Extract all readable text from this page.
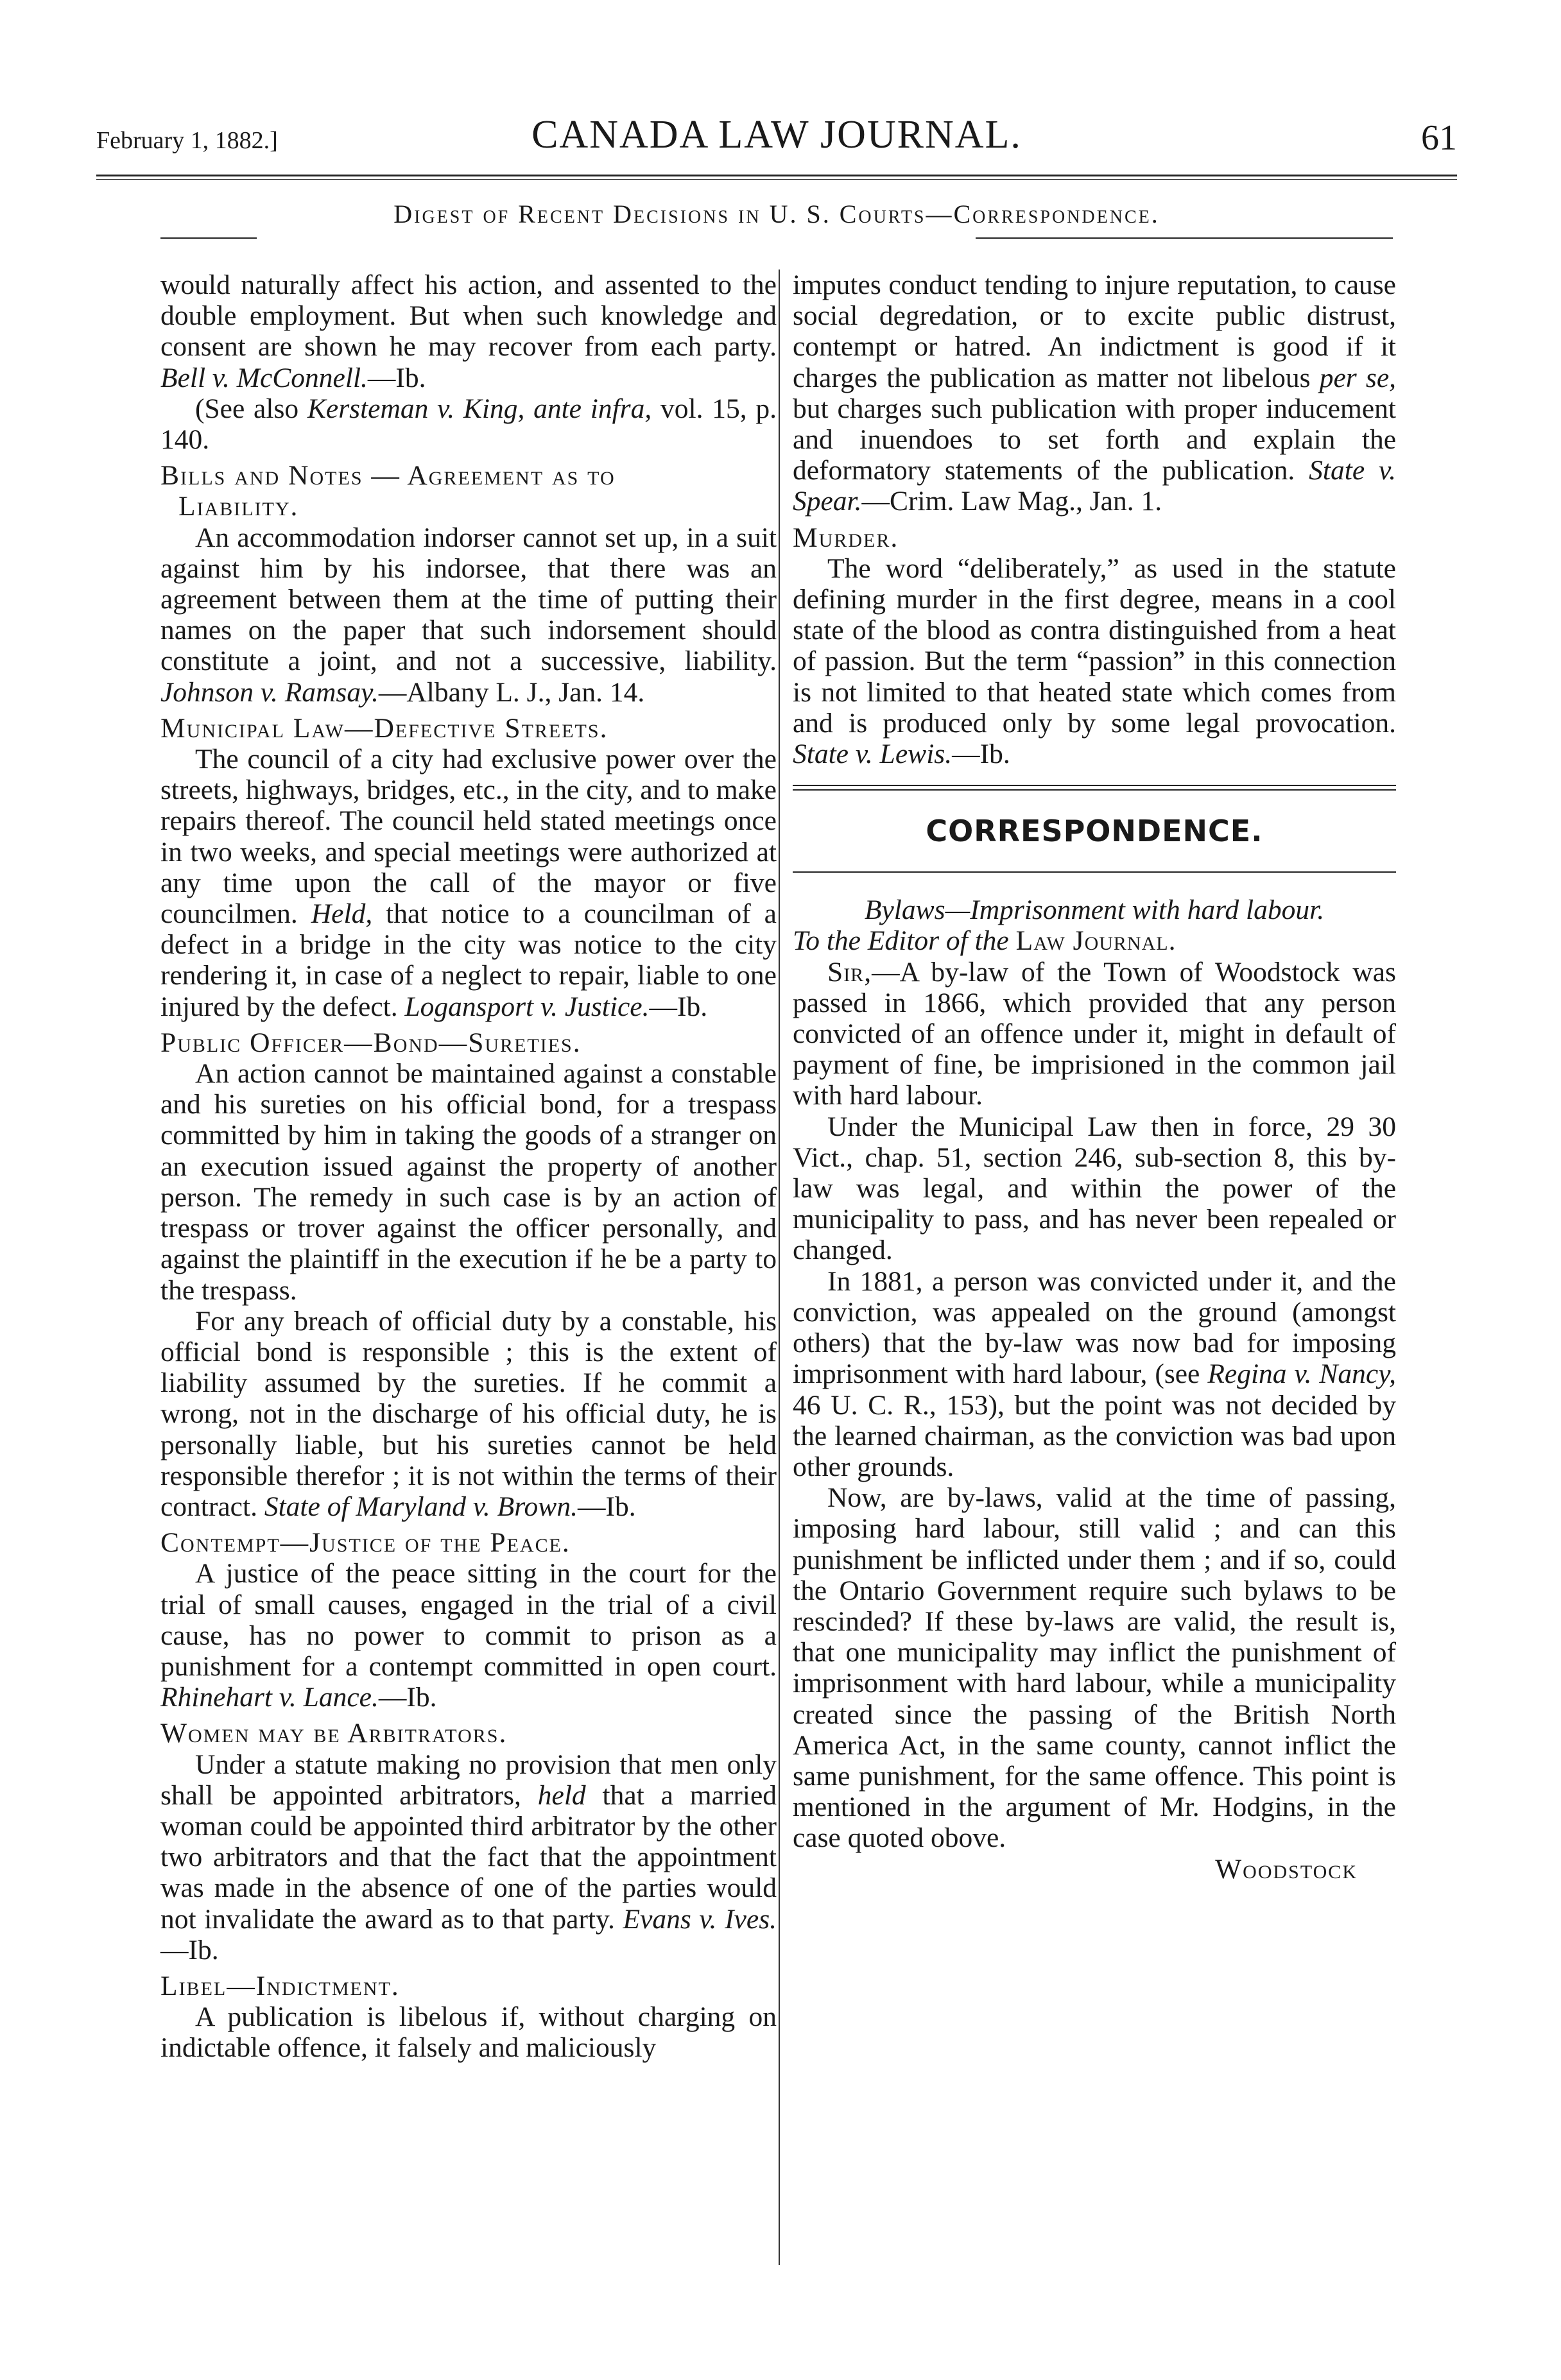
February 1, 1882.]	CANADA LAW JOURNAL.	61
Digest of Recent Decisions in U. S. Courts—Correspondence.

would naturally affect his action, and assented to the double employment. But when such knowledge and consent are shown he may recover from each party. Bell v. McConnell.—Ib.

(See also Kersteman v. King, ante infra, vol. 15, p. 140.

Bills and Notes — Agreement as to
Liability.

An accommodation indorser cannot set up, in a suit against him by his indorsee, that there was an agreement between them at the time of putting their names on the paper that such indorsement should constitute a joint, and not a successive, liability. Johnson v. Ramsay.—Albany L. J., Jan. 14.

Municipal Law—Defective Streets.

The council of a city had exclusive power over the streets, highways, bridges, etc., in the city, and to make repairs thereof. The council held stated meetings once in two weeks, and special meetings were authorized at any time upon the call of the mayor or five councilmen. Held, that notice to a councilman of a defect in a bridge in the city was notice to the city rendering it, in case of a neglect to repair, liable to one injured by the defect. Logansport v. Justice.—Ib.

Public Officer—Bond—Sureties.

An action cannot be maintained against a constable and his sureties on his official bond, for a trespass committed by him in taking the goods of a stranger on an execution issued against the property of another person. The remedy in such case is by an action of trespass or trover against the officer personally, and against the plaintiff in the execution if he be a party to the trespass.

For any breach of official duty by a constable, his official bond is responsible ; this is the extent of liability assumed by the sureties. If he commit a wrong, not in the discharge of his official duty, he is personally liable, but his sureties cannot be held responsible therefor ; it is not within the terms of their contract. State of Maryland v. Brown.—Ib.

Contempt—Justice of the Peace.

A justice of the peace sitting in the court for the trial of small causes, engaged in the trial of a civil cause, has no power to commit to prison as a punishment for a contempt committed in open court. Rhinehart v. Lance.—Ib.

Women may be Arbitrators.

Under a statute making no provision that men only shall be appointed arbitrators, held that a married woman could be appointed third arbitrator by the other two arbitrators and that the fact that the appointment was made in the absence of one of the parties would not invalidate the award as to that party. Evans v. Ives.—Ib.

Libel—Indictment.

A publication is libelous if, without charging on indictable offence, it falsely and maliciously

imputes conduct tending to injure reputation, to cause social degredation, or to excite public distrust, contempt or hatred. An indictment is good if it charges the publication as matter not libelous per se, but charges such publication with proper inducement and inuendoes to set forth and explain the deformatory statements of the publication. State v. Spear.—Crim. Law Mag., Jan. 1.

Murder.

The word “deliberately,” as used in the statute defining murder in the first degree, means in a cool state of the blood as contra distinguished from a heat of passion. But the term “passion” in this connection is not limited to that heated state which comes from and is produced only by some legal provocation. State v. Lewis.—Ib.

CORRESPONDENCE.

Bylaws—Imprisonment with hard labour.

To the Editor of the Law Journal.

Sir,—A by-law of the Town of Woodstock was passed in 1866, which provided that any person convicted of an offence under it, might in default of payment of fine, be imprisioned in the common jail with hard labour.

Under the Municipal Law then in force, 29 30 Vict., chap. 51, section 246, sub-section 8, this by-law was legal, and within the power of the municipality to pass, and has never been repealed or changed.

In 1881, a person was convicted under it, and the conviction, was appealed on the ground (amongst others) that the by-law was now bad for imposing imprisonment with hard labour, (see Regina v. Nancy, 46 U. C. R., 153), but the point was not decided by the learned chairman, as the conviction was bad upon other grounds.

Now, are by-laws, valid at the time of passing, imposing hard labour, still valid ; and can this punishment be inflicted under them ; and if so, could the Ontario Government require such bylaws to be rescinded? If these by-laws are valid, the result is, that one municipality may inflict the punishment of imprisonment with hard labour, while a municipality created since the passing of the British North America Act, in the same county, cannot inflict the same punishment, for the same offence. This point is mentioned in the argument of Mr. Hodgins, in the case quoted obove.

Woodstock
